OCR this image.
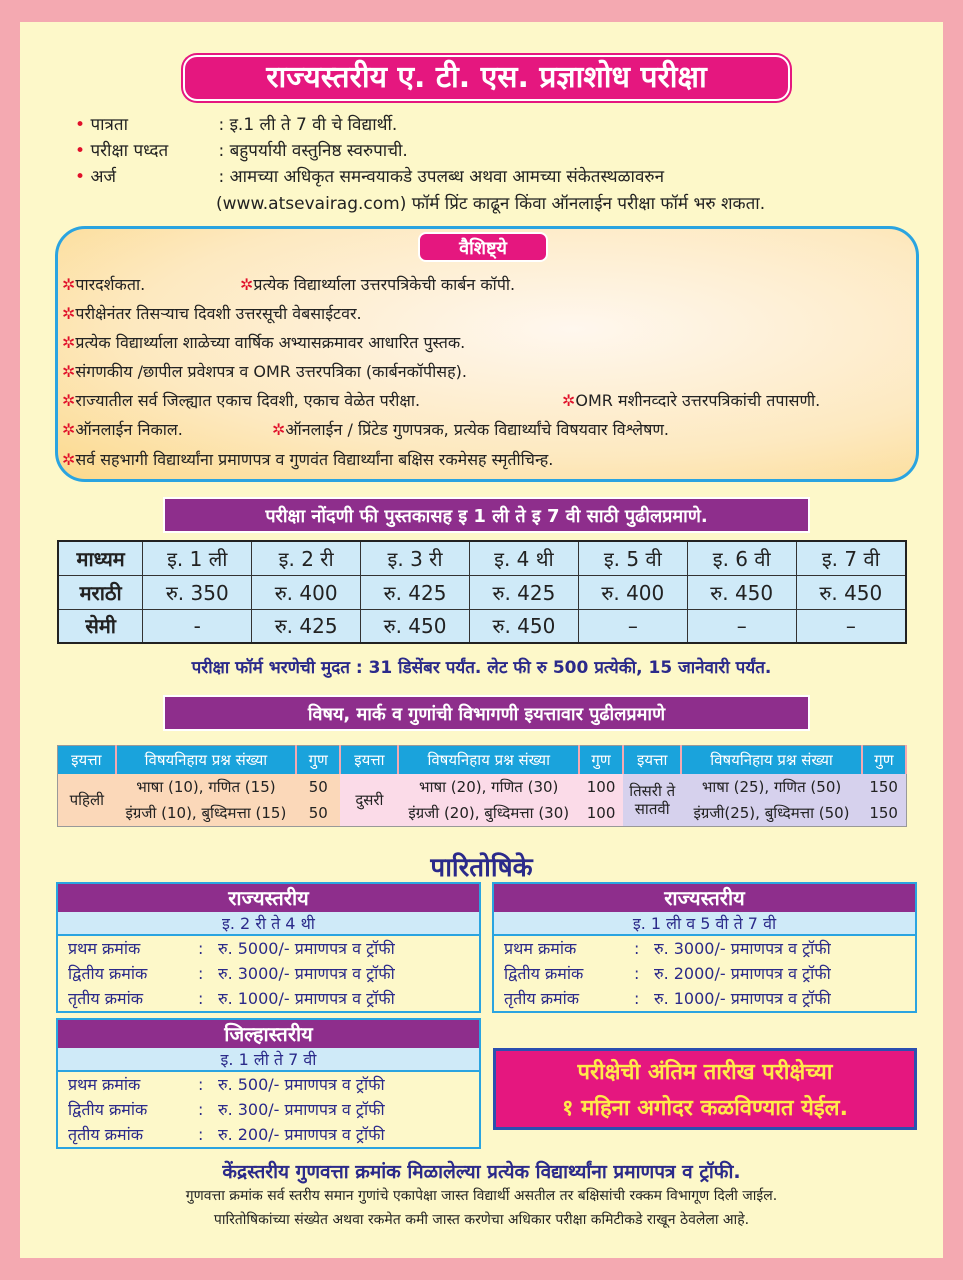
राज्यस्तरीय ए. टी. एस. प्रज्ञाशोध परीक्षा
• पात्रता	: इ.1 ली ते 7 वी चे विद्यार्थी.
• परीक्षा पध्दत	: बहुपर्यायी वस्तुनिष्ठ स्वरुपाची.
• अर्ज	: आमच्या अधिकृत समन्वयाकडे उपलब्ध अथवा आमच्या संकेतस्थळावरुन
(www.atsevairag.com) फॉर्म प्रिंट काढून किंवा ऑनलाईन परीक्षा फॉर्म भरु शकता.
वैशिष्ट्ये
✲पारदर्शकता.	✲प्रत्येक विद्यार्थ्याला उत्तरपत्रिकेची कार्बन कॉपी.
✲परीक्षेनंतर तिसऱ्याच दिवशी उत्तरसूची वेबसाईटवर.
✲प्रत्येक विद्यार्थ्याला शाळेच्या वार्षिक अभ्यासक्रमावर आधारित पुस्तक.
✲संगणकीय /छापील प्रवेशपत्र व OMR उत्तरपत्रिका (कार्बनकॉपीसह).
✲राज्यातील सर्व जिल्ह्यात एकाच दिवशी, एकाच वेळेत परीक्षा.	✲OMR मशीनव्दारे उत्तरपत्रिकांची तपासणी.
✲ऑनलाईन निकाल.	✲ऑनलाईन / प्रिंटेड गुणपत्रक, प्रत्येक विद्यार्थ्यांचे विषयवार विश्लेषण.
✲सर्व सहभागी विद्यार्थ्यांना प्रमाणपत्र व गुणवंत विद्यार्थ्यांना बक्षिस रकमेसह स्मृतीचिन्ह.
परीक्षा नोंदणी फी पुस्तकासह इ 1 ली ते इ 7 वी साठी पुढीलप्रमाणे.
माध्यम	इ. 1 ली	इ. 2 री	इ. 3 री	इ. 4 थी	इ. 5 वी	इ. 6 वी	इ. 7 वी
मराठी	रु. 350	रु. 400	रु. 425	रु. 425	रु. 400	रु. 450	रु. 450
सेमी	-	रु. 425	रु. 450	रु. 450	–	–	–
परीक्षा फॉर्म भरणेची मुदत : 31 डिसेंबर पर्यंत. लेट फी रु 500 प्रत्येकी, 15 जानेवारी पर्यंत.
विषय, मार्क व गुणांची विभागणी इयत्तावार पुढीलप्रमाणे
इयत्ता	विषयनिहाय प्रश्न संख्या	गुण	इयत्ता	विषयनिहाय प्रश्न संख्या	गुण	इयत्ता	विषयनिहाय प्रश्न संख्या	गुण
पहिली	भाषा (10), गणित (15)	50	दुसरी	भाषा (20), गणित (30)	100	तिसरी ते सातवी	भाषा (25), गणित (50)	150
	इंग्रजी (10), बुध्दिमत्ता (15)	50		इंग्रजी (20), बुध्दिमत्ता (30)	100		इंग्रजी(25), बुध्दिमत्ता (50)	150
पारितोषिके
राज्यस्तरीय
इ. 2 री ते 4 थी
प्रथम क्रमांक	: रु. 5000/- प्रमाणपत्र व ट्रॉफी
द्वितीय क्रमांक	: रु. 3000/- प्रमाणपत्र व ट्रॉफी
तृतीय क्रमांक	: रु. 1000/- प्रमाणपत्र व ट्रॉफी
राज्यस्तरीय
इ. 1 ली व 5 वी ते 7 वी
प्रथम क्रमांक	: रु. 3000/- प्रमाणपत्र व ट्रॉफी
द्वितीय क्रमांक	: रु. 2000/- प्रमाणपत्र व ट्रॉफी
तृतीय क्रमांक	: रु. 1000/- प्रमाणपत्र व ट्रॉफी
जिल्हास्तरीय
इ. 1 ली ते 7 वी
प्रथम क्रमांक	: रु. 500/- प्रमाणपत्र व ट्रॉफी
द्वितीय क्रमांक	: रु. 300/- प्रमाणपत्र व ट्रॉफी
तृतीय क्रमांक	: रु. 200/- प्रमाणपत्र व ट्रॉफी
परीक्षेची अंतिम तारीख परीक्षेच्या
१ महिना अगोदर कळविण्यात येईल.
केंद्रस्तरीय गुणवत्ता क्रमांक मिळालेल्या प्रत्येक विद्यार्थ्यांना प्रमाणपत्र व ट्रॉफी.
गुणवत्ता क्रमांक सर्व स्तरीय समान गुणांचे एकापेक्षा जास्त विद्यार्थी असतील तर बक्षिसांची रक्कम विभागूण दिली जाईल.
पारितोषिकांच्या संख्येत अथवा रकमेत कमी जास्त करणेचा अधिकार परीक्षा कमिटीकडे राखून ठेवलेला आहे.
